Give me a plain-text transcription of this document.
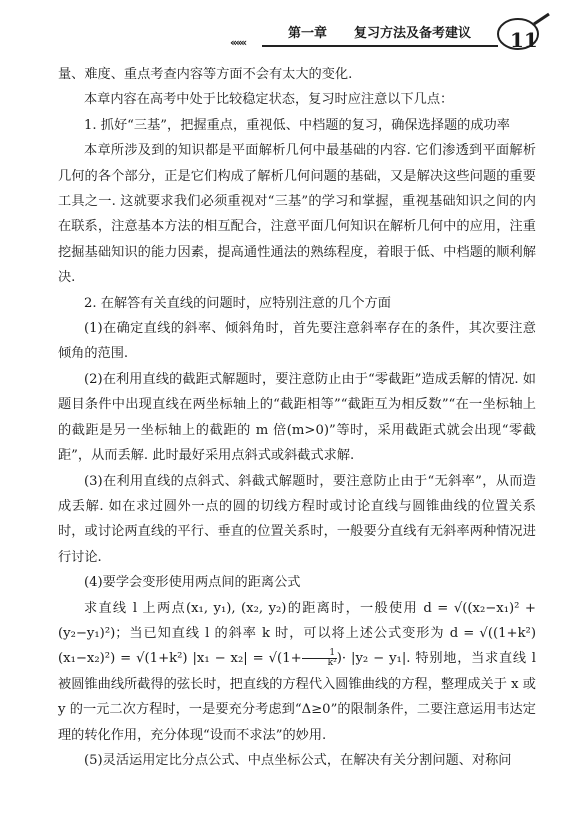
‹‹‹‹‹‹
第一章 复习方法及备考建议 11

量、难度、重点考查内容等方面不会有太大的变化.

本章内容在高考中处于比较稳定状态，复习时应注意以下几点：

1. 抓好“三基”，把握重点，重视低、中档题的复习，确保选择题的成功率

本章所涉及到的知识都是平面解析几何中最基础的内容. 它们渗透到平面解析几何的各个部分，正是它们构成了解析几何问题的基础，又是解决这些问题的重要工具之一. 这就要求我们必须重视对“三基”的学习和掌握，重视基础知识之间的内在联系，注意基本方法的相互配合，注意平面几何知识在解析几何中的应用，注重挖掘基础知识的能力因素，提高通性通法的熟练程度，着眼于低、中档题的顺利解决.

2. 在解答有关直线的问题时，应特别注意的几个方面

(1)在确定直线的斜率、倾斜角时，首先要注意斜率存在的条件，其次要注意倾角的范围.

(2)在利用直线的截距式解题时，要注意防止由于“零截距”造成丢解的情况. 如题目条件中出现直线在两坐标轴上的“截距相等”“截距互为相反数”“在一坐标轴上的截距是另一坐标轴上的截距的 m 倍(m>0)”等时，采用截距式就会出现“零截距”，从而丢解. 此时最好采用点斜式或斜截式求解.

(3)在利用直线的点斜式、斜截式解题时，要注意防止由于“无斜率”，从而造成丢解. 如在求过圆外一点的圆的切线方程时或讨论直线与圆锥曲线的位置关系时，或讨论两直线的平行、垂直的位置关系时，一般要分直线有无斜率两种情况进行讨论.

(4)要学会变形使用两点间的距离公式

求直线 l 上两点(x₁, y₁), (x₂, y₂)的距离时，一般使用 d = √((x₂−x₁)² + (y₂−y₁)²)；当已知直线 l 的斜率 k 时，可以将上述公式变形为 d = √((1+k²)(x₁−x₂)²) = √(1+k²) $|x_1 - x_2| = √(1+ \frac{1}{\text{k²}}$ )· |y₂ − y₁|. 特别地，当求直线 l 被圆锥曲线所截得的弦长时，把直线的方程代入圆锥曲线的方程，整理成关于 x 或 y 的一元二次方程时，一是要充分考虑到“Δ≥0”的限制条件，二要注意运用韦达定理的转化作用，充分体现“设而不求法”的妙用.

(5)灵活运用定比分点公式、中点坐标公式，在解决有关分割问题、对称问
